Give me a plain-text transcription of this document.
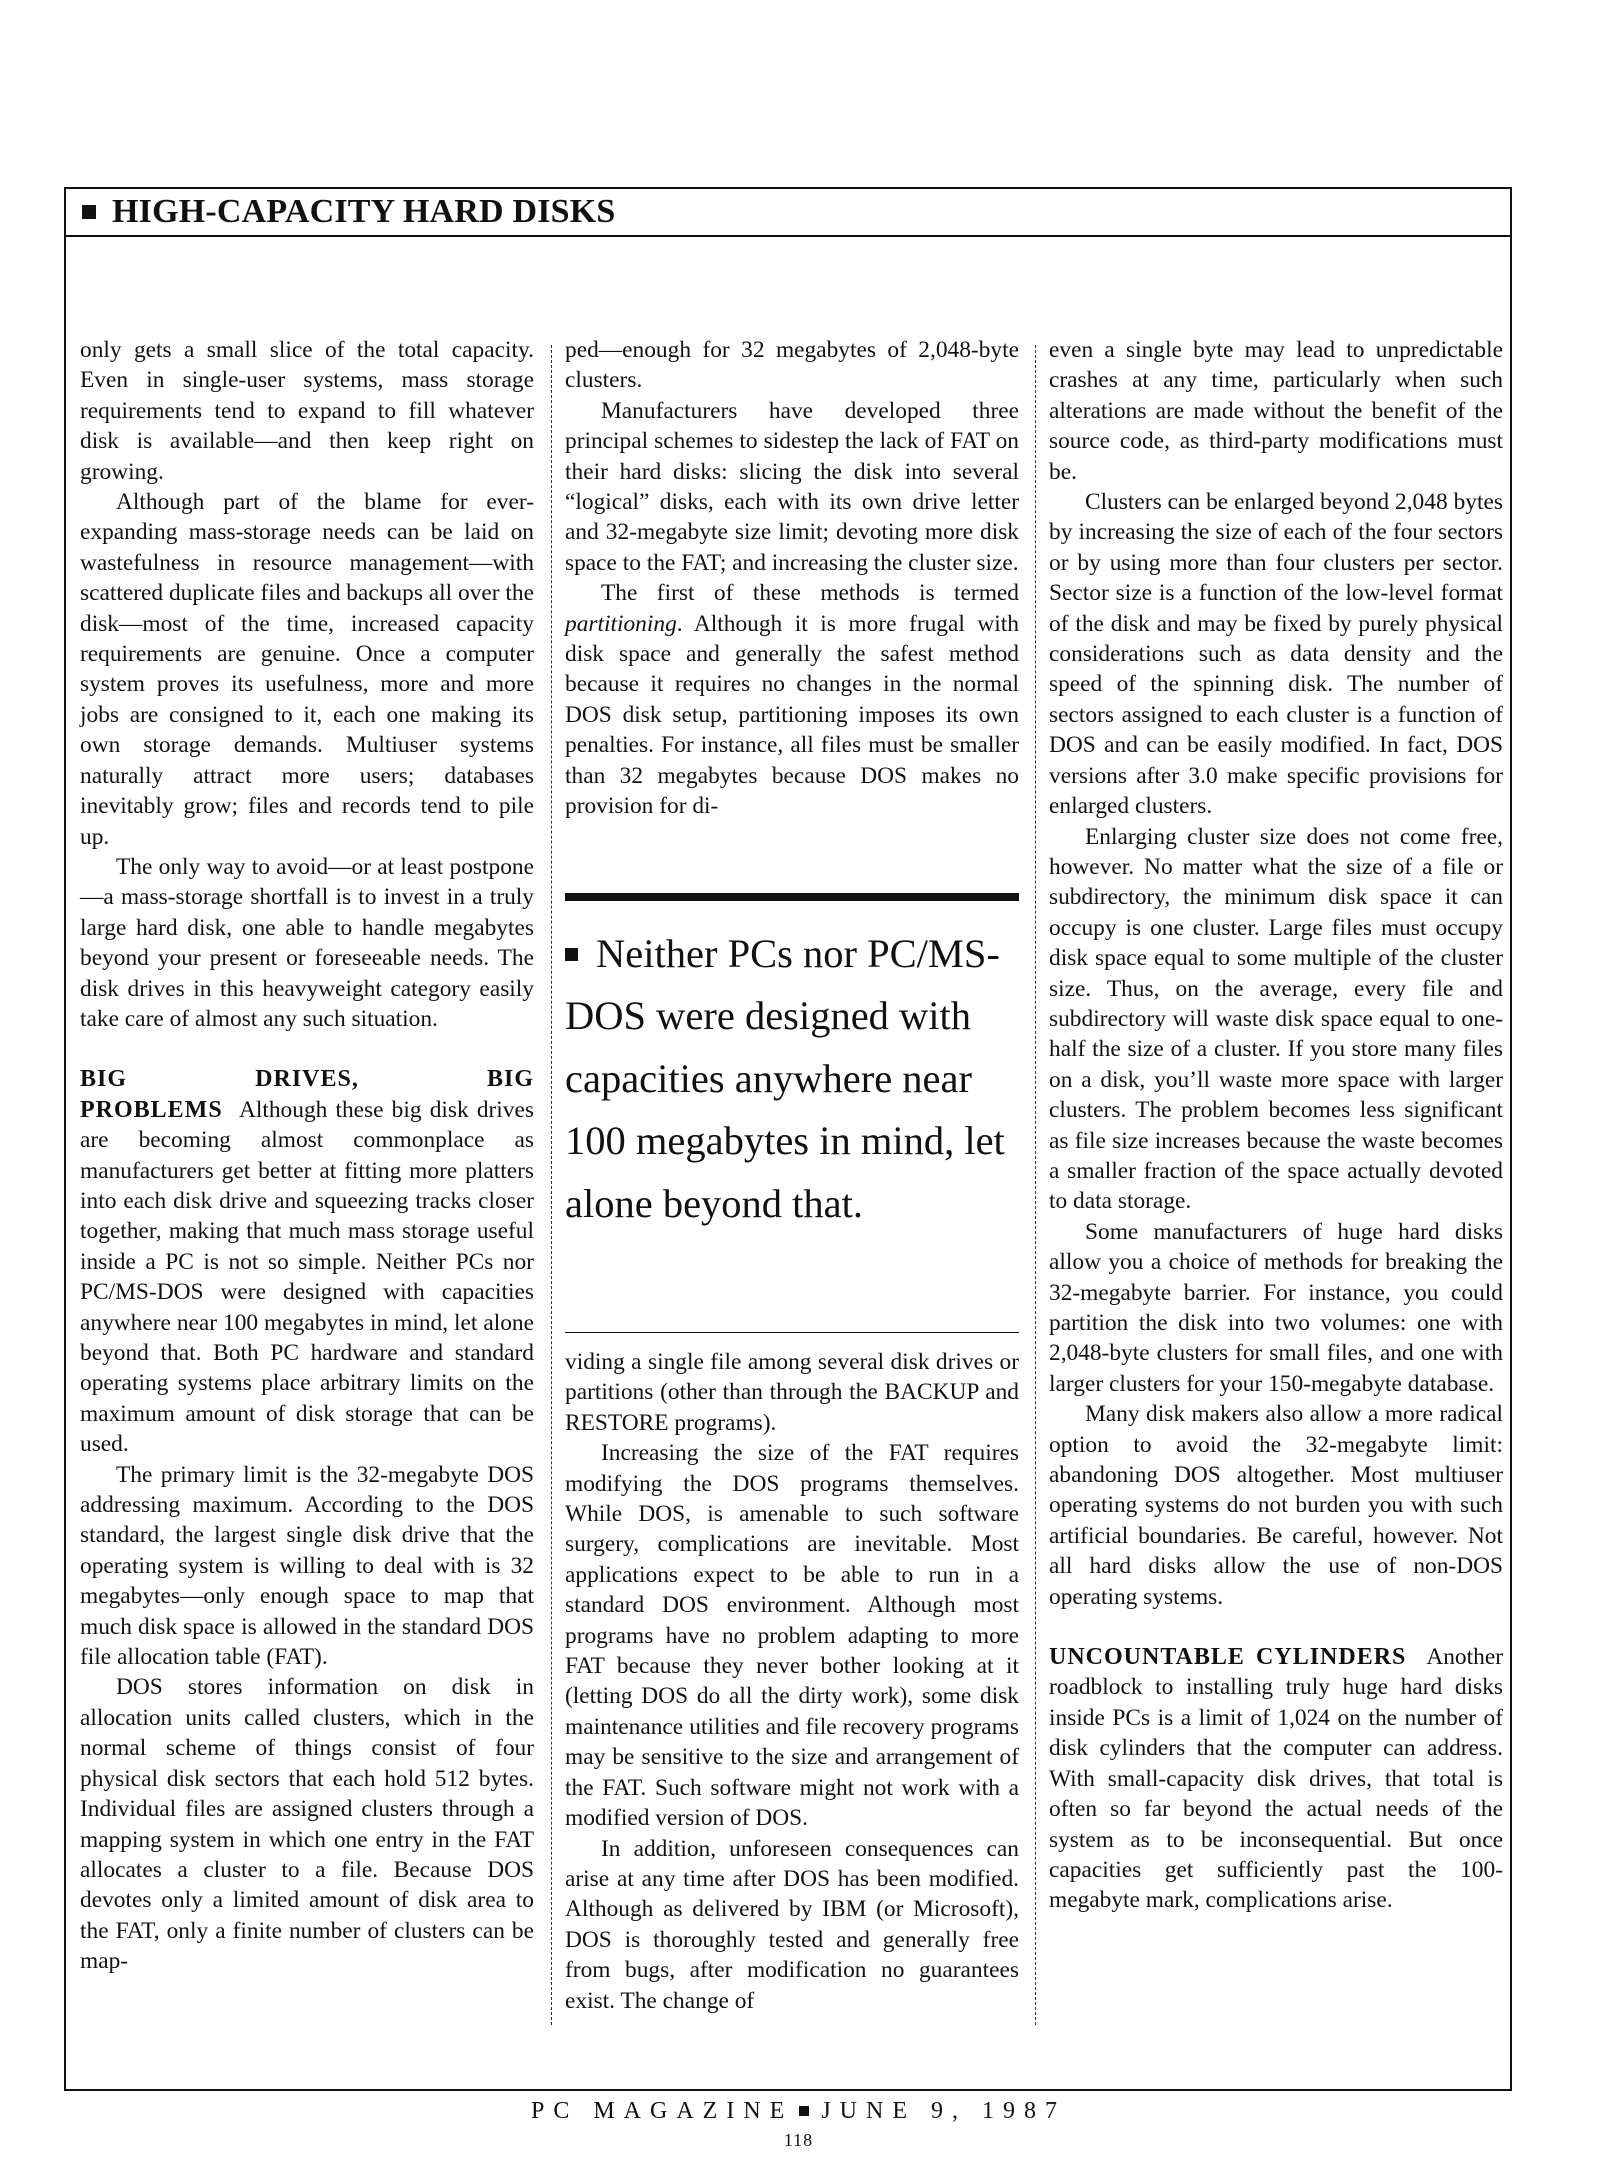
HIGH-CAPACITY HARD DISKS

only gets a small slice of the total capacity. Even in single-user systems, mass storage requirements tend to expand to fill whatever disk is available—and then keep right on growing.

Although part of the blame for ever-expanding mass-storage needs can be laid on wastefulness in resource management—with scattered duplicate files and backups all over the disk—most of the time, increased capacity requirements are genuine. Once a computer system proves its usefulness, more and more jobs are consigned to it, each one making its own storage demands. Multiuser systems naturally attract more users; databases inevitably grow; files and records tend to pile up.

The only way to avoid—or at least postpone—a mass-storage shortfall is to invest in a truly large hard disk, one able to handle megabytes beyond your present or foreseeable needs. The disk drives in this heavyweight category easily take care of almost any such situation.

BIG DRIVES, BIG PROBLEMS Although these big disk drives are becoming almost commonplace as manufacturers get better at fitting more platters into each disk drive and squeezing tracks closer together, making that much mass storage useful inside a PC is not so simple. Neither PCs nor PC/MS-DOS were designed with capacities anywhere near 100 megabytes in mind, let alone beyond that. Both PC hardware and standard operating systems place arbitrary limits on the maximum amount of disk storage that can be used.

The primary limit is the 32-megabyte DOS addressing maximum. According to the DOS standard, the largest single disk drive that the operating system is willing to deal with is 32 megabytes—only enough space to map that much disk space is allowed in the standard DOS file allocation table (FAT).

DOS stores information on disk in allocation units called clusters, which in the normal scheme of things consist of four physical disk sectors that each hold 512 bytes. Individual files are assigned clusters through a mapping system in which one entry in the FAT allocates a cluster to a file. Because DOS devotes only a limited amount of disk area to the FAT, only a finite number of clusters can be map-

ped—enough for 32 megabytes of 2,048-byte clusters.

Manufacturers have developed three principal schemes to sidestep the lack of FAT on their hard disks: slicing the disk into several “logical” disks, each with its own drive letter and 32-megabyte size limit; devoting more disk space to the FAT; and increasing the cluster size.

The first of these methods is termed partitioning. Although it is more frugal with disk space and generally the safest method because it requires no changes in the normal DOS disk setup, partitioning imposes its own penalties. For instance, all files must be smaller than 32 megabytes because DOS makes no provision for di-

Neither PCs nor PC/MS-DOS were designed with capacities anywhere near 100 megabytes in mind, let alone beyond that.

viding a single file among several disk drives or partitions (other than through the BACKUP and RESTORE programs).

Increasing the size of the FAT requires modifying the DOS programs themselves. While DOS, is amenable to such software surgery, complications are inevitable. Most applications expect to be able to run in a standard DOS environment. Although most programs have no problem adapting to more FAT because they never bother looking at it (letting DOS do all the dirty work), some disk maintenance utilities and file recovery programs may be sensitive to the size and arrangement of the FAT. Such software might not work with a modified version of DOS.

In addition, unforeseen consequences can arise at any time after DOS has been modified. Although as delivered by IBM (or Microsoft), DOS is thoroughly tested and generally free from bugs, after modification no guarantees exist. The change of

even a single byte may lead to unpredictable crashes at any time, particularly when such alterations are made without the benefit of the source code, as third-party modifications must be.

Clusters can be enlarged beyond 2,048 bytes by increasing the size of each of the four sectors or by using more than four clusters per sector. Sector size is a function of the low-level format of the disk and may be fixed by purely physical considerations such as data density and the speed of the spinning disk. The number of sectors assigned to each cluster is a function of DOS and can be easily modified. In fact, DOS versions after 3.0 make specific provisions for enlarged clusters.

Enlarging cluster size does not come free, however. No matter what the size of a file or subdirectory, the minimum disk space it can occupy is one cluster. Large files must occupy disk space equal to some multiple of the cluster size. Thus, on the average, every file and subdirectory will waste disk space equal to one-half the size of a cluster. If you store many files on a disk, you’ll waste more space with larger clusters. The problem becomes less significant as file size increases because the waste becomes a smaller fraction of the space actually devoted to data storage.

Some manufacturers of huge hard disks allow you a choice of methods for breaking the 32-megabyte barrier. For instance, you could partition the disk into two volumes: one with 2,048-byte clusters for small files, and one with larger clusters for your 150-megabyte database.

Many disk makers also allow a more radical option to avoid the 32-megabyte limit: abandoning DOS altogether. Most multiuser operating systems do not burden you with such artificial boundaries. Be careful, however. Not all hard disks allow the use of non-DOS operating systems.

UNCOUNTABLE CYLINDERS Another roadblock to installing truly huge hard disks inside PCs is a limit of 1,024 on the number of disk cylinders that the computer can address. With small-capacity disk drives, that total is often so far beyond the actual needs of the system as to be inconsequential. But once capacities get sufficiently past the 100-megabyte mark, complications arise.

PC MAGAZINE JUNE 9, 1987
118
